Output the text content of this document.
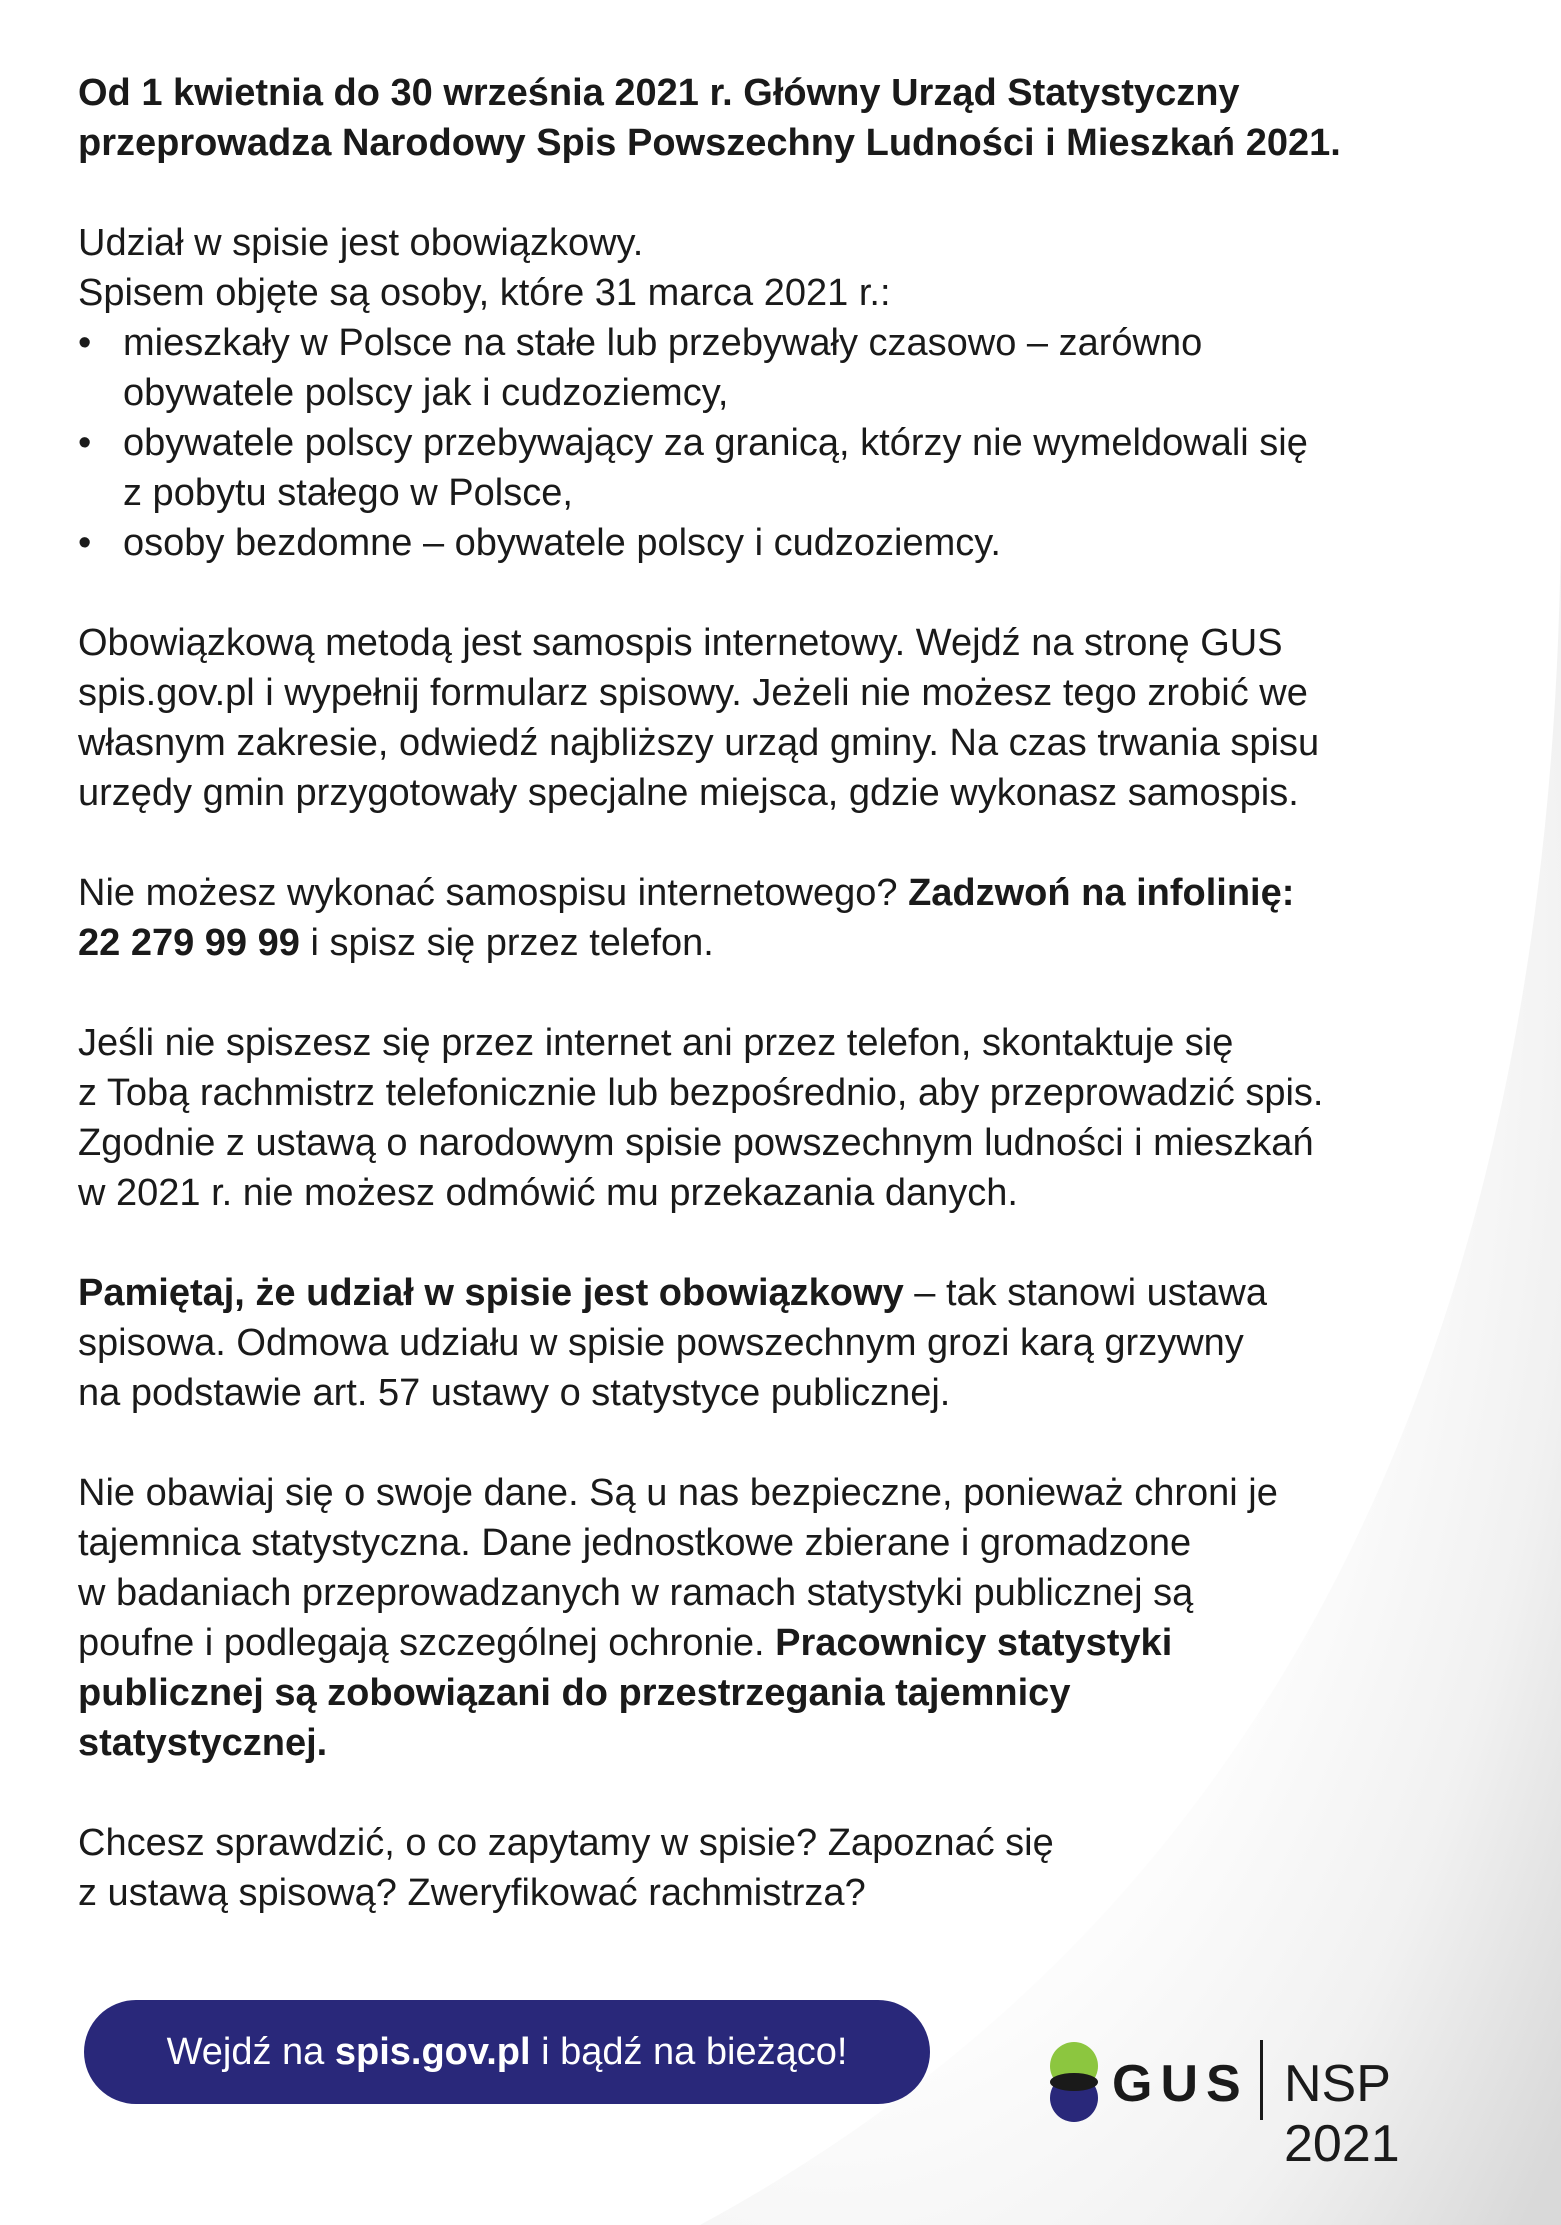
Od 1 kwietnia do 30 września 2021 r. Główny Urząd Statystyczny
przeprowadza Narodowy Spis Powszechny Ludności i Mieszkań 2021.
Udział w spisie jest obowiązkowy.
Spisem objęte są osoby, które 31 marca 2021 r.:
• mieszkały w Polsce na stałe lub przebywały czasowo – zarówno
obywatele polscy jak i cudzoziemcy,
• obywatele polscy przebywający za granicą, którzy nie wymeldowali się
z pobytu stałego w Polsce,
• osoby bezdomne – obywatele polscy i cudzoziemcy.

Obowiązkową metodą jest samospis internetowy. Wejdź na stronę GUS
spis.gov.pl i wypełnij formularz spisowy. Jeżeli nie możesz tego zrobić we
własnym zakresie, odwiedź najbliższy urząd gminy. Na czas trwania spisu
urzędy gmin przygotowały specjalne miejsca, gdzie wykonasz samospis.

Nie możesz wykonać samospisu internetowego? Zadzwoń na infolinię:
22 279 99 99 i spisz się przez telefon.

Jeśli nie spiszesz się przez internet ani przez telefon, skontaktuje się
z Tobą rachmistrz telefonicznie lub bezpośrednio, aby przeprowadzić spis.
Zgodnie z ustawą o narodowym spisie powszechnym ludności i mieszkań
w 2021 r. nie możesz odmówić mu przekazania danych.

Pamiętaj, że udział w spisie jest obowiązkowy – tak stanowi ustawa
spisowa. Odmowa udziału w spisie powszechnym grozi karą grzywny
na podstawie art. 57 ustawy o statystyce publicznej.

Nie obawiaj się o swoje dane. Są u nas bezpieczne, ponieważ chroni je
tajemnica statystyczna. Dane jednostkowe zbierane i gromadzone
w badaniach przeprowadzanych w ramach statystyki publicznej są
poufne i podlegają szczególnej ochronie. Pracownicy statystyki
publicznej są zobowiązani do przestrzegania tajemnicy
statystycznej.

Chcesz sprawdzić, o co zapytamy w spisie? Zapoznać się
z ustawą spisową? Zweryfikować rachmistrza?

Wejdź na spis.gov.pl i bądź na bieżąco!
GUS NSP 2021
